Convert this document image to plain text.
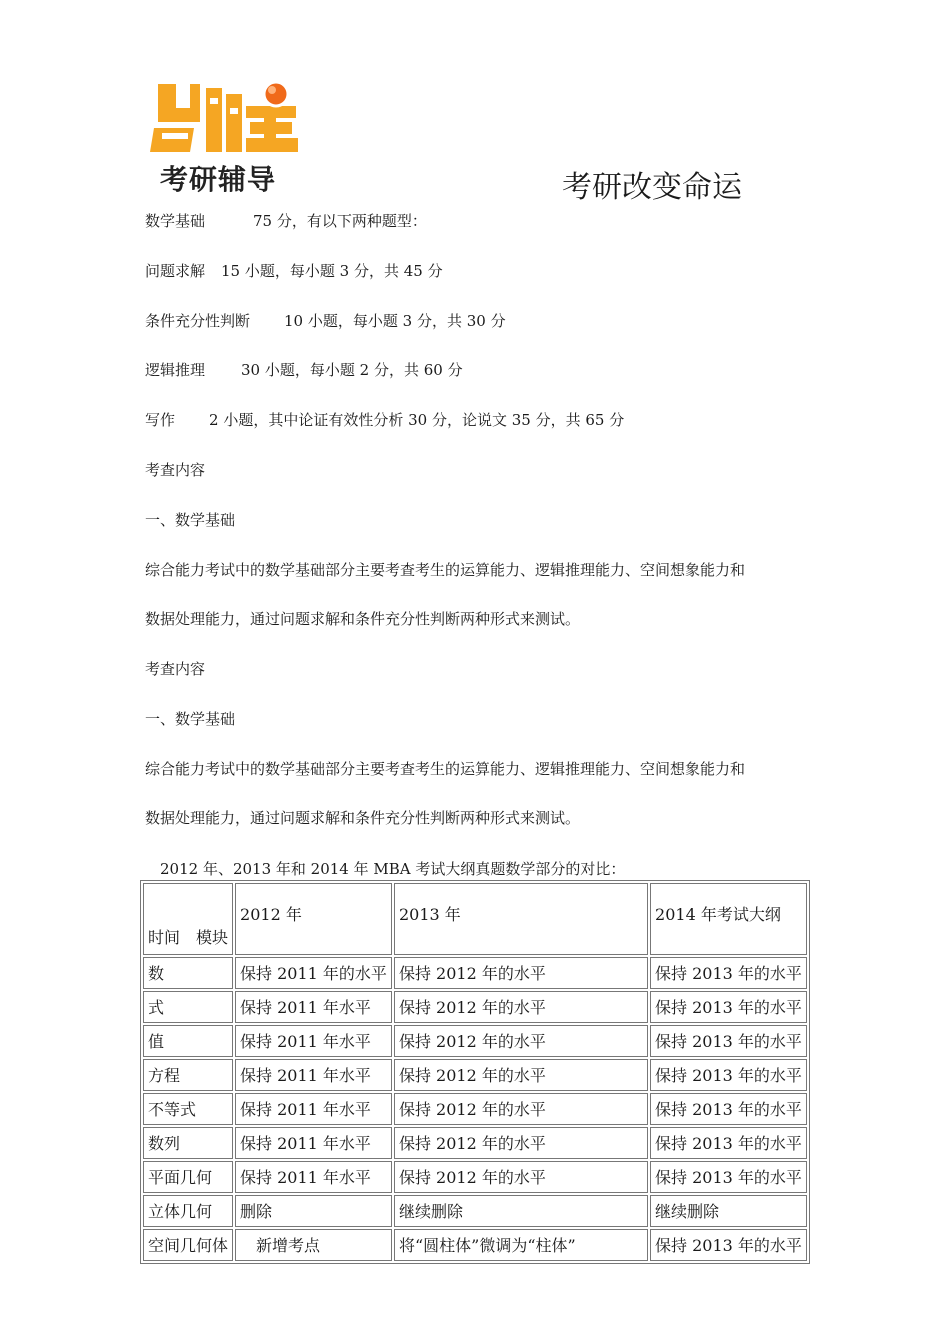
考研辅导	考研改变命运
数学基础	75 分，有以下两种题型：
问题求解 15 小题，每小题 3 分，共 45 分
条件充分性判断 10 小题，每小题 3 分，共 30 分
逻辑推理 30 小题，每小题 2 分，共 60 分
写作 2 小题，其中论证有效性分析 30 分，论说文 35 分，共 65 分
考查内容
一、数学基础
综合能力考试中的数学基础部分主要考查考生的运算能力、逻辑推理能力、空间想象能力和
数据处理能力，通过问题求解和条件充分性判断两种形式来测试。
考查内容
一、数学基础
综合能力考试中的数学基础部分主要考查考生的运算能力、逻辑推理能力、空间想象能力和
数据处理能力，通过问题求解和条件充分性判断两种形式来测试。
2012 年、2013 年和 2014 年 MBA 考试大纲真题数学部分的对比：
时间　模块	2012 年	2013 年	2014 年考试大纲
数	保持 2011 年的水平	保持 2012 年的水平	保持 2013 年的水平
式	保持 2011 年水平	保持 2012 年的水平	保持 2013 年的水平
值	保持 2011 年水平	保持 2012 年的水平	保持 2013 年的水平
方程	保持 2011 年水平	保持 2012 年的水平	保持 2013 年的水平
不等式	保持 2011 年水平	保持 2012 年的水平	保持 2013 年的水平
数列	保持 2011 年水平	保持 2012 年的水平	保持 2013 年的水平
平面几何	保持 2011 年水平	保持 2012 年的水平	保持 2013 年的水平
立体几何	删除	继续删除	继续删除
空间几何体	　新增考点	将“圆柱体”微调为“柱体”	保持 2013 年的水平
